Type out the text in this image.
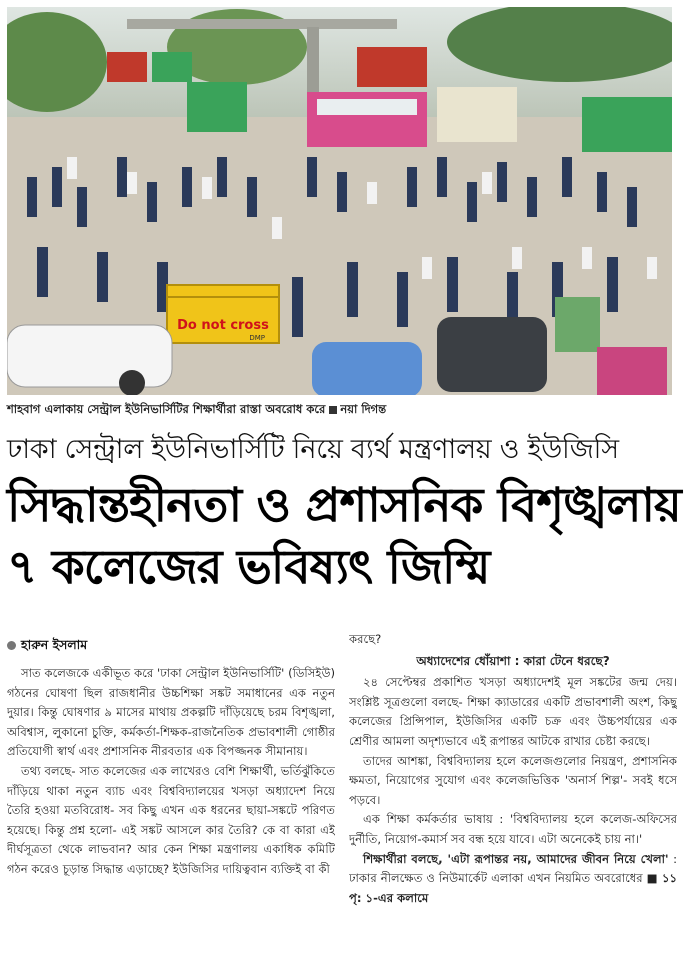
Do not cross
DMP
শাহবাগ এলাকায় সেন্ট্রাল ইউনিভার্সিটির শিক্ষার্থীরা রাস্তা অবরোধ করে নয়া দিগন্ত
ঢাকা সেন্ট্রাল ইউনিভার্সিটি নিয়ে ব্যর্থ মন্ত্রণালয় ও ইউজিসি
সিদ্ধান্তহীনতা ও প্রশাসনিক বিশৃঙ্খলায়
৭ কলেজের ভবিষ্যৎ জিম্মি
হারুন ইসলাম

সাত কলেজকে একীভূত করে 'ঢাকা সেন্ট্রাল ইউনিভার্সিটি' (ডিসিইউ) গঠনের ঘোষণা ছিল রাজধানীর উচ্চশিক্ষা সঙ্কট সমাধানের এক নতুন দুয়ার। কিন্তু ঘোষণার ৯ মাসের মাথায় প্রকল্পটি দাঁড়িয়েছে চরম বিশৃঙ্খলা, অবিশ্বাস, লুকানো চুক্তি, কর্মকর্তা-শিক্ষক-রাজনৈতিক প্রভাবশালী গোষ্ঠীর প্রতিযোগী স্বার্থ এবং প্রশাসনিক নীরবতার এক বিপজ্জনক সীমানায়।

তথ্য বলছে- সাত কলেজের এক লাখেরও বেশি শিক্ষার্থী, ভর্তিঝুঁকিতে দাঁড়িয়ে থাকা নতুন ব্যাচ এবং বিশ্ববিদ্যালয়ের খসড়া অধ্যাদেশ নিয়ে তৈরি হওয়া মতবিরোধ- সব কিছু এখন এক ধরনের ছায়া-সঙ্কটে পরিণত হয়েছে। কিন্তু প্রশ্ন হলো- এই সঙ্কট আসলে কার তৈরি? কে বা কারা এই দীর্ঘসূত্রতা থেকে লাভবান? আর কেন শিক্ষা মন্ত্রণালয় একাধিক কমিটি গঠন করেও চূড়ান্ত সিদ্ধান্ত এড়াচ্ছে? ইউজিসির দায়িত্ববান ব্যক্তিই বা কী

করছে?

অধ্যাদেশের ধোঁয়াশা : কারা টেনে ধরছে?

২৪ সেপ্টেম্বর প্রকাশিত খসড়া অধ্যাদেশই মূল সঙ্কটের জন্ম দেয়। সংশ্লিষ্ট সূত্রগুলো বলছে- শিক্ষা ক্যাডারের একটি প্রভাবশালী অংশ, কিছু কলেজের প্রিন্সিপাল, ইউজিসির একটি চক্র এবং উচ্চপর্যায়ের এক শ্রেণীর আমলা অদৃশ্যভাবে এই রূপান্তর আটকে রাখার চেষ্টা করছে।

তাদের আশঙ্কা, বিশ্ববিদ্যালয় হলে কলেজগুলোর নিয়ন্ত্রণ, প্রশাসনিক ক্ষমতা, নিয়োগের সুযোগ এবং কলেজভিত্তিক 'অনার্স শিল্প'- সবই ধসে পড়বে।

এক শিক্ষা কর্মকর্তার ভাষায় : 'বিশ্ববিদ্যালয় হলে কলেজ-অফিসের দুর্নীতি, নিয়োগ-কমার্স সব বন্ধ হয়ে যাবে। এটা অনেকেই চায় না।'

শিক্ষার্থীরা বলছে, 'এটা রূপান্তর নয়, আমাদের জীবন নিয়ে খেলা' : ঢাকার নীলক্ষেত ও নিউমার্কেট এলাকা এখন নিয়মিত অবরোধের ■ ১১ পৃ: ১-এর কলামে
